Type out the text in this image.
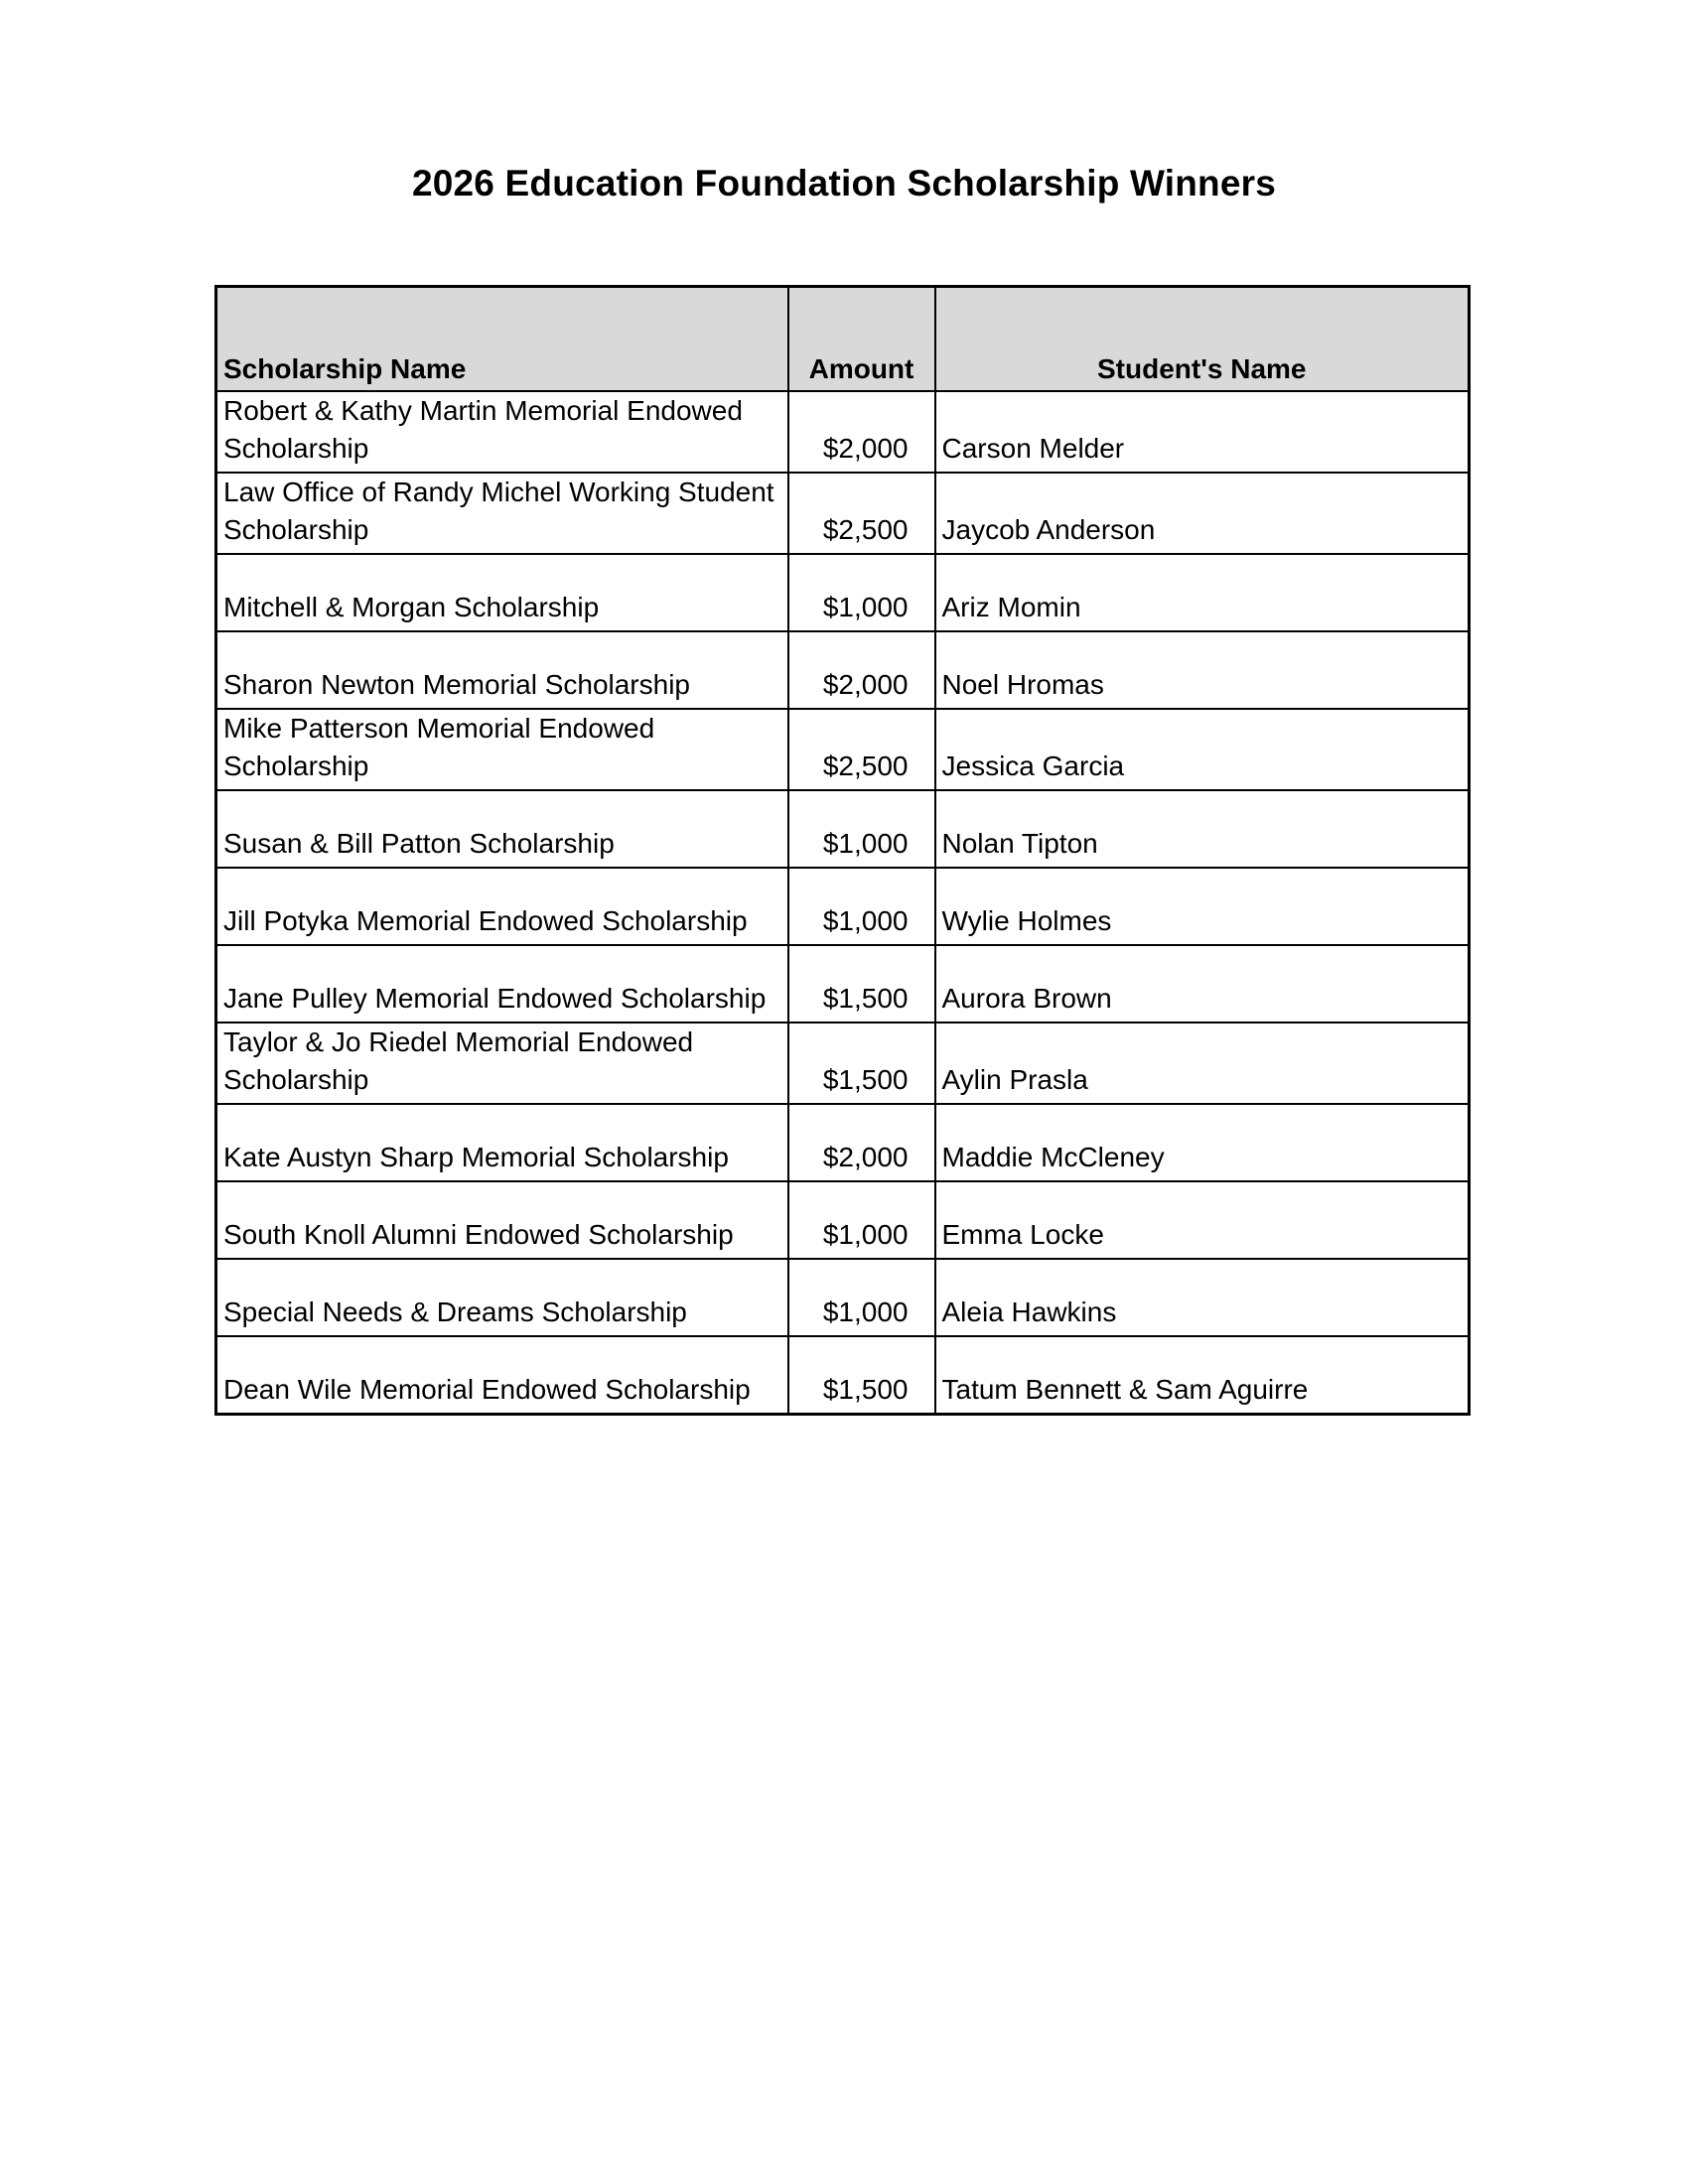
2026 Education Foundation Scholarship Winners
Scholarship Name	Amount	Student's Name
Robert & Kathy Martin Memorial Endowed Scholarship	$2,000	Carson Melder
Law Office of Randy Michel Working Student Scholarship	$2,500	Jaycob Anderson
Mitchell & Morgan Scholarship	$1,000	Ariz Momin
Sharon Newton Memorial Scholarship	$2,000	Noel Hromas
Mike Patterson Memorial Endowed Scholarship	$2,500	Jessica Garcia
Susan & Bill Patton Scholarship	$1,000	Nolan Tipton
Jill Potyka Memorial Endowed Scholarship	$1,000	Wylie Holmes
Jane Pulley Memorial Endowed Scholarship	$1,500	Aurora Brown
Taylor & Jo Riedel Memorial Endowed Scholarship	$1,500	Aylin Prasla
Kate Austyn Sharp Memorial Scholarship	$2,000	Maddie McCleney
South Knoll Alumni Endowed Scholarship	$1,000	Emma Locke
Special Needs & Dreams Scholarship	$1,000	Aleia Hawkins
Dean Wile Memorial Endowed Scholarship	$1,500	Tatum Bennett & Sam Aguirre
